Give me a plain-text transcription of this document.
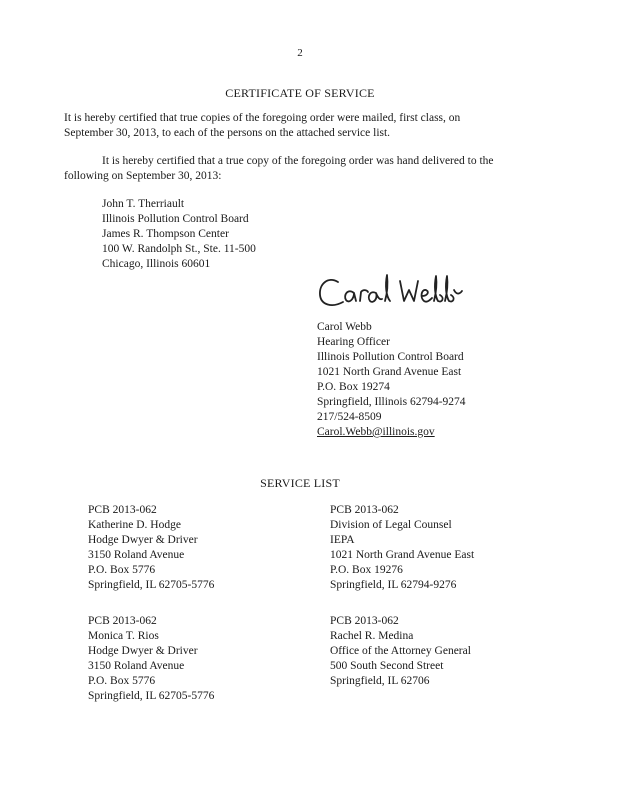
2
CERTIFICATE OF SERVICE
It is hereby certified that true copies of the foregoing order were mailed, first class, on
September 30, 2013, to each of the persons on the attached service list.
It is hereby certified that a true copy of the foregoing order was hand delivered to the
following on September 30, 2013:
John T. Therriault
Illinois Pollution Control Board
James R. Thompson Center
100 W. Randolph St., Ste. 11-500
Chicago, Illinois 60601
Carol Webb
Hearing Officer
Illinois Pollution Control Board
1021 North Grand Avenue East
P.O. Box 19274
Springfield, Illinois 62794-9274
217/524-8509
Carol.Webb@illinois.gov
SERVICE LIST
PCB 2013-062
Katherine D. Hodge
Hodge Dwyer & Driver
3150 Roland Avenue
P.O. Box 5776
Springfield, IL 62705-5776
PCB 2013-062
Division of Legal Counsel
IEPA
1021 North Grand Avenue East
P.O. Box 19276
Springfield, IL 62794-9276
PCB 2013-062
Monica T. Rios
Hodge Dwyer & Driver
3150 Roland Avenue
P.O. Box 5776
Springfield, IL 62705-5776
PCB 2013-062
Rachel R. Medina
Office of the Attorney General
500 South Second Street
Springfield, IL 62706
